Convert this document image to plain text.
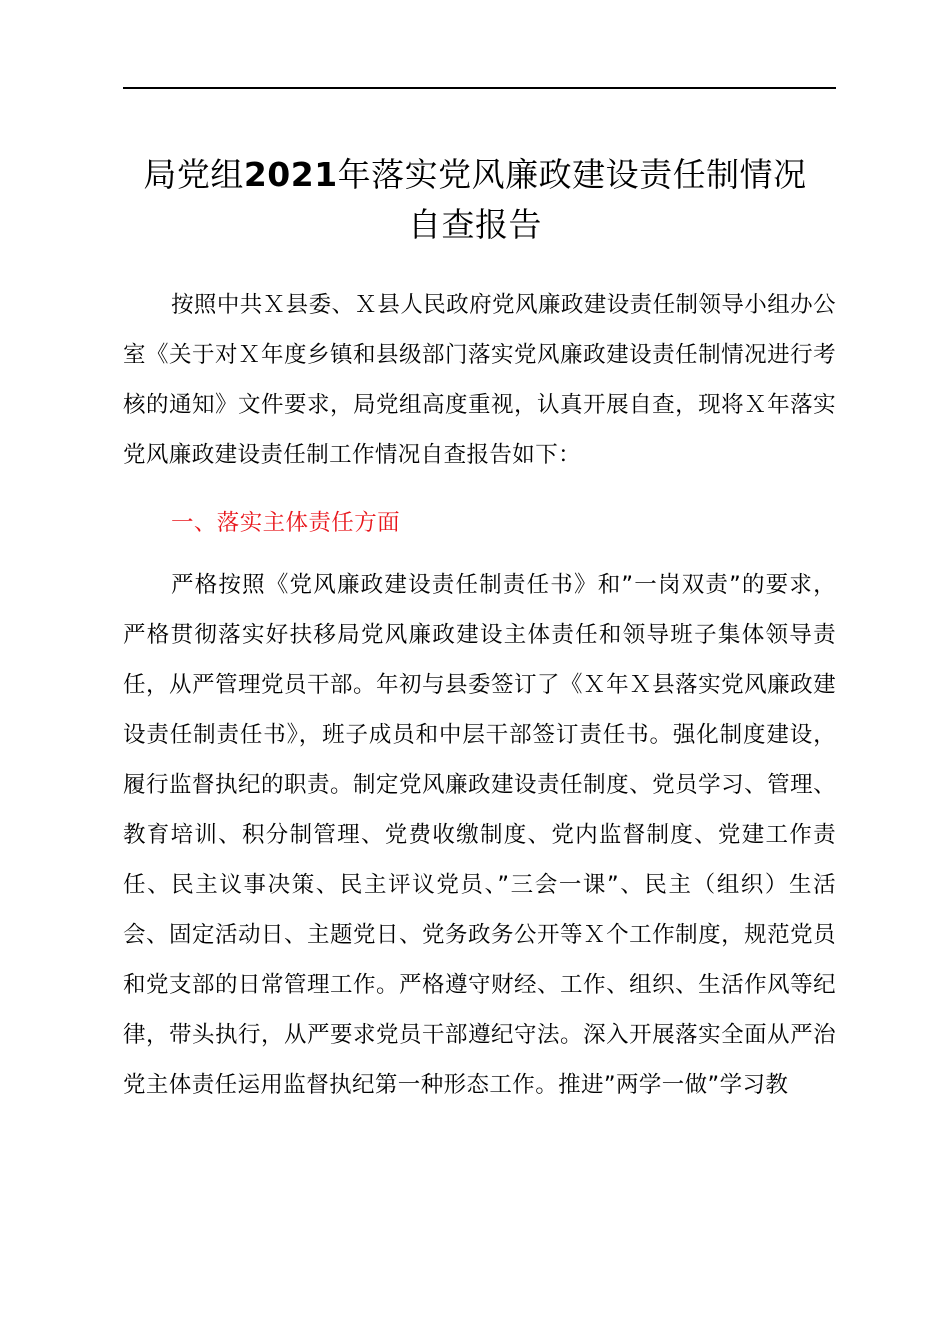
局党组2021年落实党风廉政建设责任制情况
自查报告

按照中共Ｘ县委、Ｘ县人民政府党风廉政建设责任制领导小组办公室《关于对Ｘ年度乡镇和县级部门落实党风廉政建设责任制情况进行考核的通知》文件要求，局党组高度重视，认真开展自查，现将Ｘ年落实党风廉政建设责任制工作情况自查报告如下：

一、落实主体责任方面

严格按照《党风廉政建设责任制责任书》和”一岗双责”的要求，严格贯彻落实好扶移局党风廉政建设主体责任和领导班子集体领导责任，从严管理党员干部。年初与县委签订了《Ｘ年Ｘ县落实党风廉政建设责任制责任书》，班子成员和中层干部签订责任书。强化制度建设，履行监督执纪的职责。制定党风廉政建设责任制度、党员学习、管理、教育培训、积分制管理、党费收缴制度、党内监督制度、党建工作责任、民主议事决策、民主评议党员、”三会一课”、民主（组织）生活会、固定活动日、主题党日、党务政务公开等Ｘ个工作制度，规范党员和党支部的日常管理工作。严格遵守财经、工作、组织、生活作风等纪律，带头执行，从严要求党员干部遵纪守法。深入开展落实全面从严治党主体责任运用监督执纪第一种形态工作。推进”两学一做”学习教
